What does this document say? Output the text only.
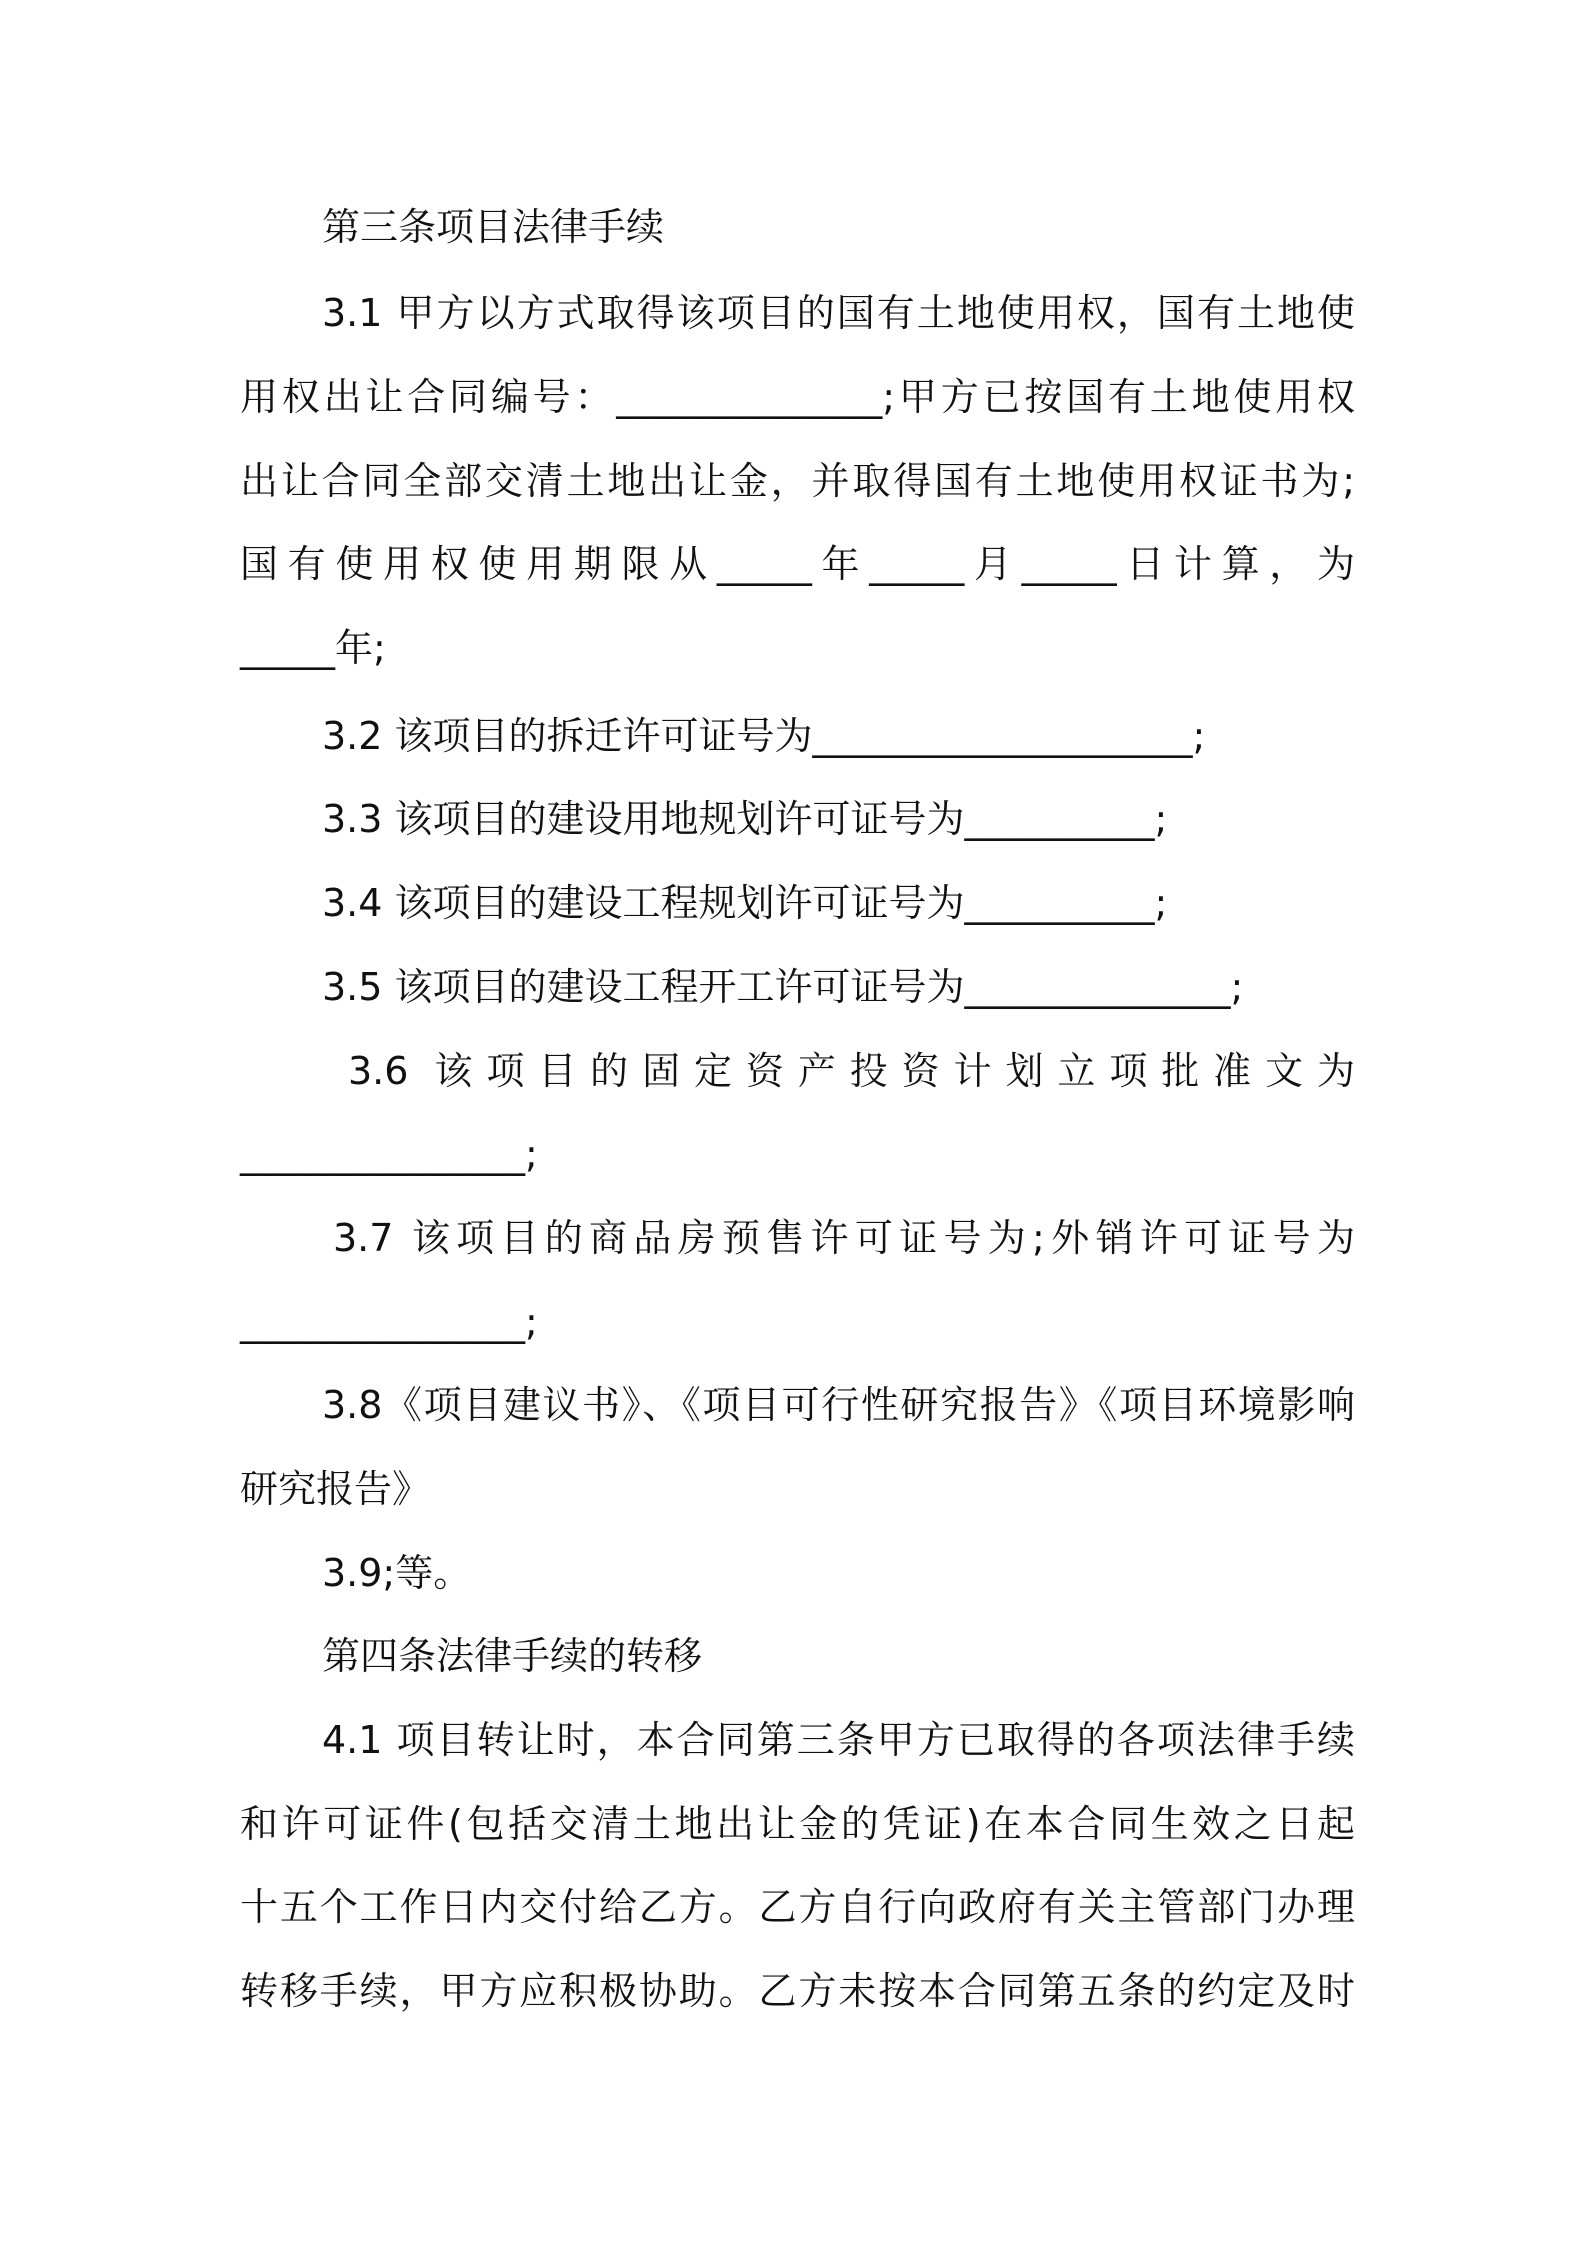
第三条项目法律手续
3.1 甲方以方式取得该项目的国有土地使用权，国有土地使
用权出让合同编号：______________;甲方已按国有土地使用权
出让合同全部交清土地出让金，并取得国有土地使用权证书为;
国有使用权使用期限从_____年_____月_____日计算，为
_____年;
3.2 该项目的拆迁许可证号为____________________;
3.3 该项目的建设用地规划许可证号为__________;
3.4 该项目的建设工程规划许可证号为__________;
3.5 该项目的建设工程开工许可证号为______________;
3.6 该项目的固定资产投资计划立项批准文为
_______________;
3.7 该项目的商品房预售许可证号为;外销许可证号为
_______________;
3.8《项目建议书》、《项目可行性研究报告》《项目环境影响
研究报告》
3.9;等。
第四条法律手续的转移
4.1 项目转让时，本合同第三条甲方已取得的各项法律手续
和许可证件(包括交清土地出让金的凭证)在本合同生效之日起
十五个工作日内交付给乙方。乙方自行向政府有关主管部门办理
转移手续，甲方应积极协助。乙方未按本合同第五条的约定及时
